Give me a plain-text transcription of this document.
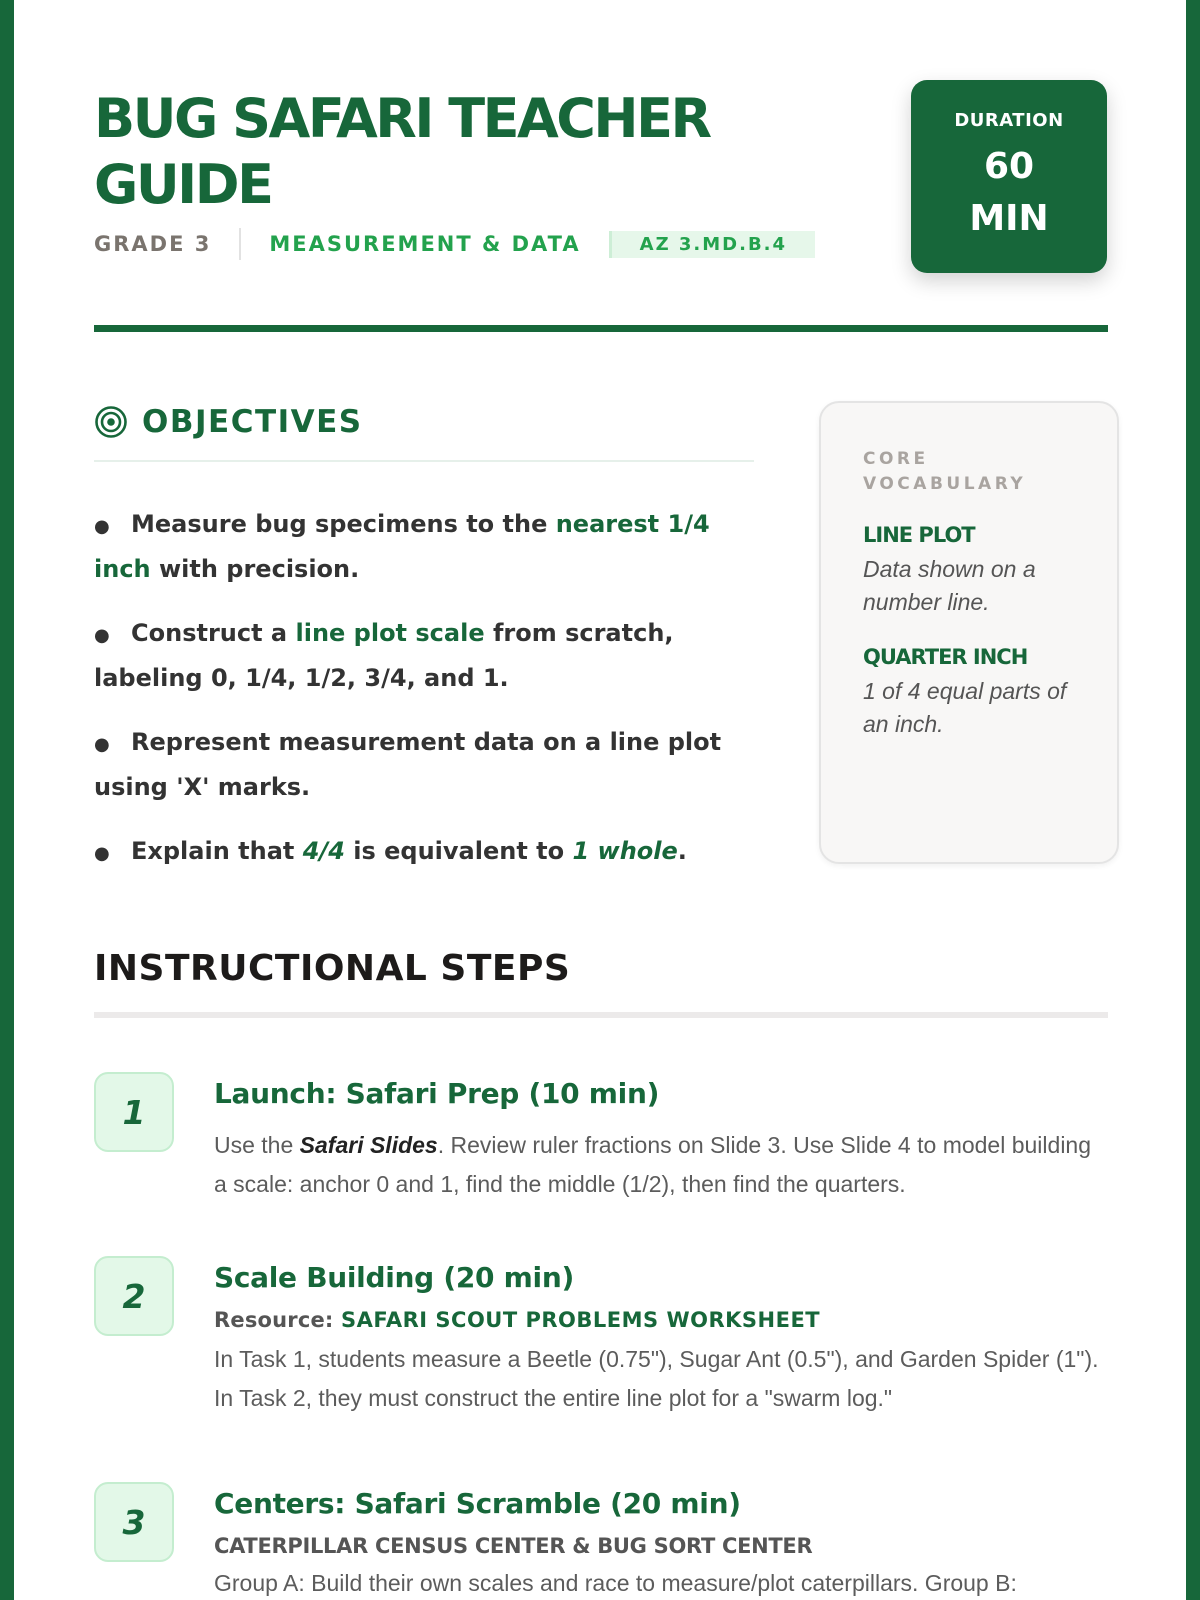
BUG SAFARI TEACHER GUIDE
GRADE 3	MEASUREMENT & DATA	AZ 3.MD.B.4
DURATION
60 MIN
OBJECTIVES
● Measure bug specimens to the nearest 1/4 inch with precision.
● Construct a line plot scale from scratch, labeling 0, 1/4, 1/2, 3/4, and 1.
● Represent measurement data on a line plot using 'X' marks.
● Explain that 4/4 is equivalent to 1 whole.
CORE VOCABULARY
LINE PLOT
Data shown on a number line.
QUARTER INCH
1 of 4 equal parts of an inch.
INSTRUCTIONAL STEPS
1	Launch: Safari Prep (10 min)
Use the Safari Slides. Review ruler fractions on Slide 3. Use Slide 4 to model building a scale: anchor 0 and 1, find the middle (1/2), then find the quarters.
2	Scale Building (20 min)
Resource: SAFARI SCOUT PROBLEMS WORKSHEET
In Task 1, students measure a Beetle (0.75"), Sugar Ant (0.5"), and Garden Spider (1"). In Task 2, they must construct the entire line plot for a "swarm log."
3	Centers: Safari Scramble (20 min)
CATERPILLAR CENSUS CENTER & BUG SORT CENTER
Group A: Build their own scales and race to measure/plot caterpillars. Group B:
